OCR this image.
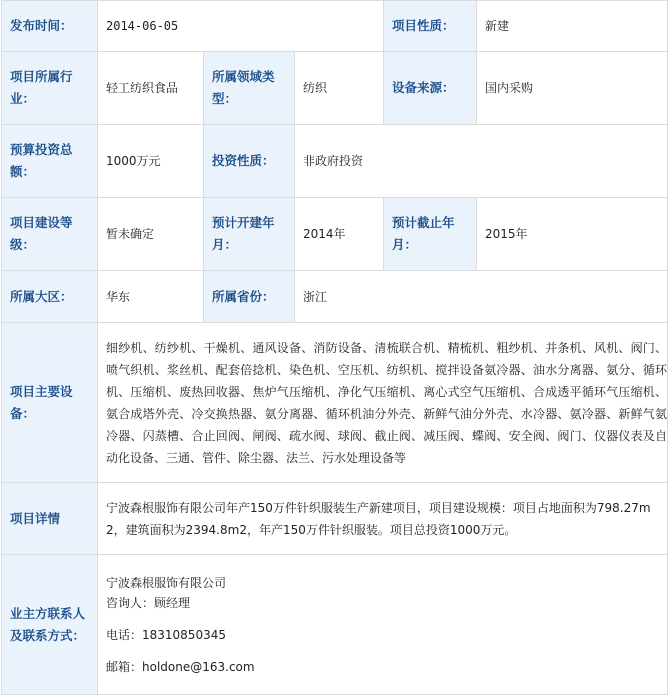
发布时间：	2014-06-05			项目性质：	新建
项目所属行业：	轻工纺织食品	所属领域类型：	纺织	设备来源：	国内采购
预算投资总额：	1000万元	投资性质：	非政府投资		
项目建设等级：	暂未确定	预计开建年月：	2014年	预计截止年月：	2015年
所属大区：	华东	所属省份：	浙江		
项目主要设备：	细纱机、纺纱机、干燥机、通风设备、消防设备、清梳联合机、精梳机、粗纱机、并条机、风机、阀门、喷气织机、浆丝机、配套倍捻机、染色机、空压机、纺织机、搅拌设备氨冷器、油水分离器、氨分、循环机、压缩机、废热回收器、焦炉气压缩机、净化气压缩机、离心式空气压缩机、合成透平循环气压缩机、氨合成塔外壳、冷交换热器、氨分离器、循环机油分外壳、新鲜气油分外壳、水冷器、氨冷器、新鲜气氨冷器、闪蒸槽、合止回阀、闸阀、疏水阀、球阀、截止阀、减压阀、蝶阀、安全阀、阀门、仪器仪表及自动化设备、三通、管件、除尘器、法兰、污水处理设备等				
项目详情	宁波森根服饰有限公司年产150万件针织服装生产新建项目，项目建设规模：项目占地面积为798.27m2，建筑面积为2394.8m2，年产150万件针织服装。项目总投资1000万元。				
业主方联系人及联系方式：	宁波森根服饰有限公司
咨询人：顾经理
电话：18310850345
邮箱：holdone@163.com				
